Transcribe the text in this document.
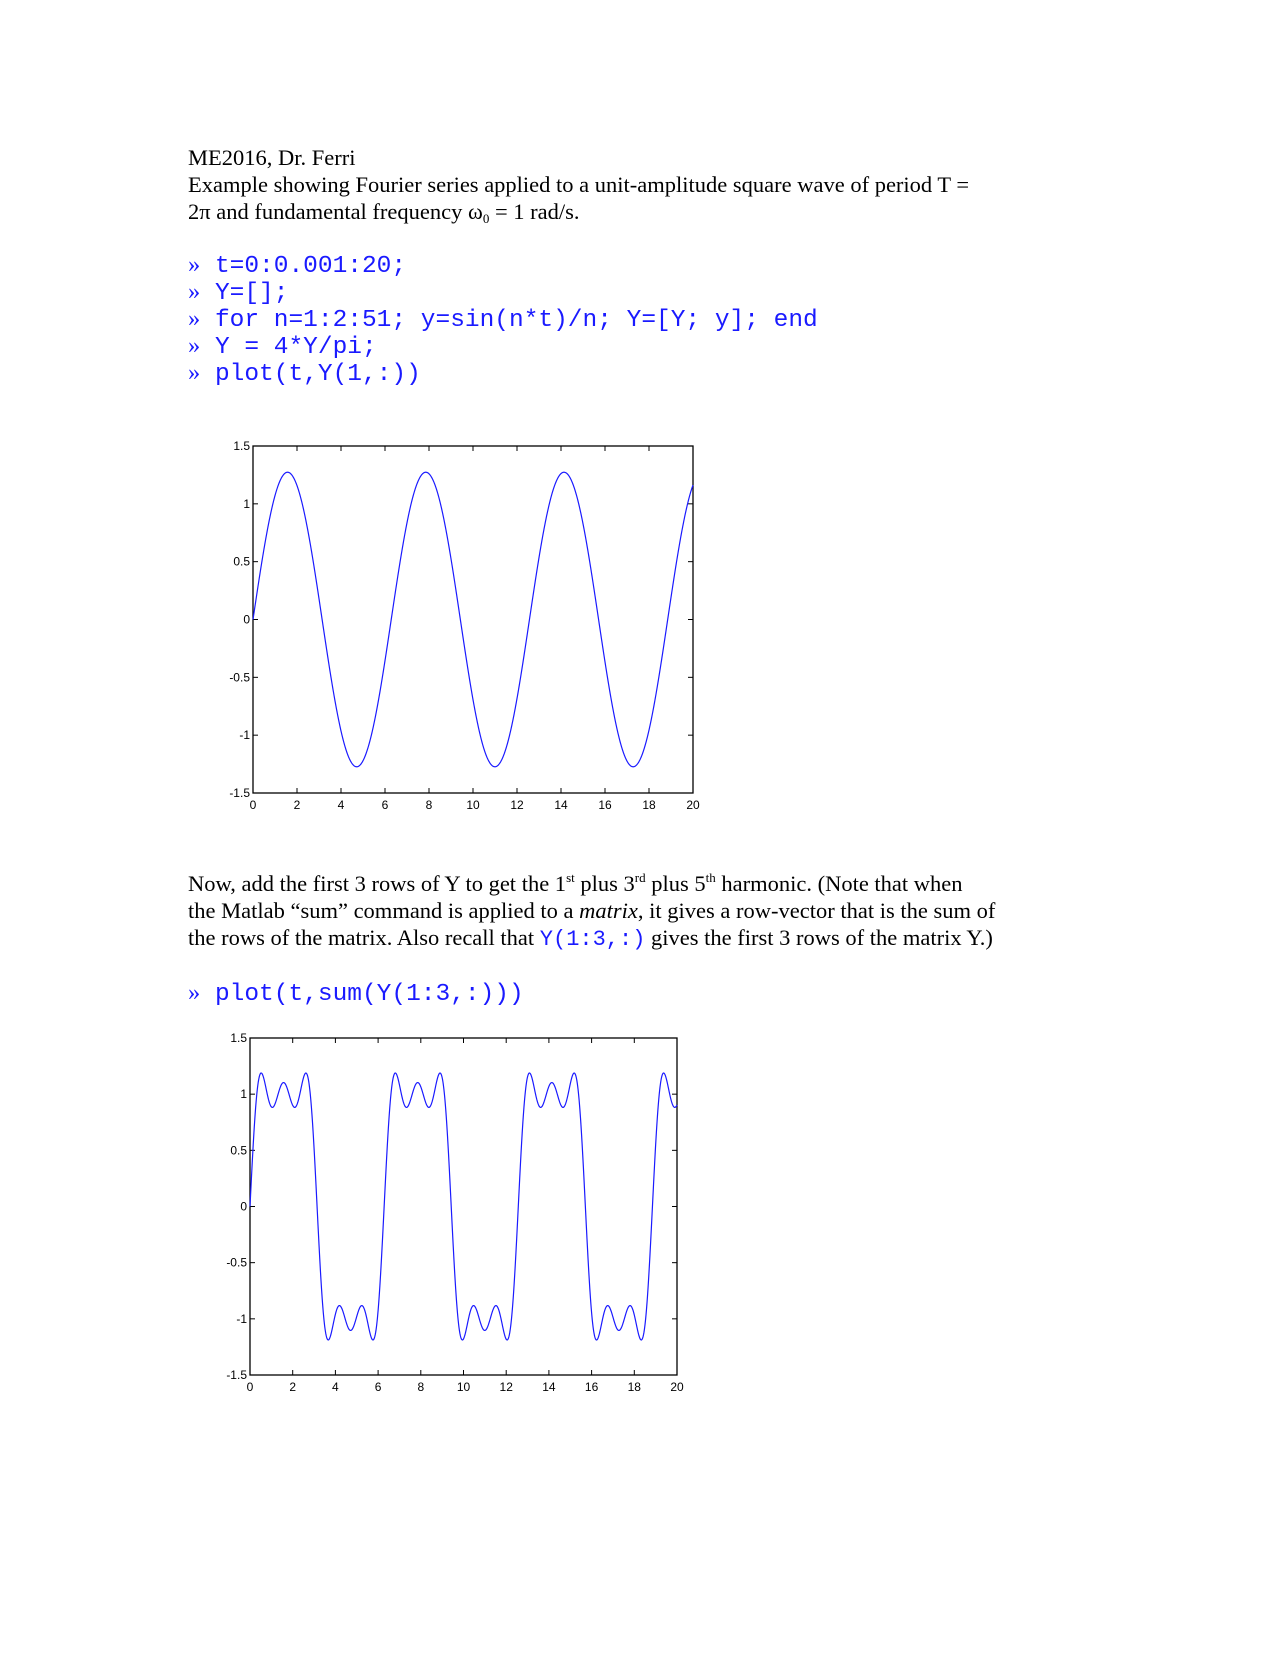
ME2016, Dr. Ferri
Example showing Fourier series applied to a unit-amplitude square wave of period T =
2π and fundamental frequency $\omega_0 = 1$ rad/s.
» t=0:0.001:20;
» Y=[];
» for n=1:2:51; y=sin(n*t)/n; Y=[Y; y]; end
» Y = 4*Y/pi;
» plot(t,Y(1,:))
0	2	4	6	8	10	12	14	16	18	20
1.5
1
0.5
0
-0.5
-1
-1.5
Now, add the first 3 rows of Y to get the 1st plus 3rd plus 5th harmonic. (Note that when
the Matlab “sum” command is applied to a matrix, it gives a row-vector that is the sum of
the rows of the matrix. Also recall that Y(1:3,:) gives the first 3 rows of the matrix Y.)
» plot(t,sum(Y(1:3,:)))
0	2	4	6	8	10 12 14 16 18 20
1.5
1
0.5
0
-0.5
-1
-1.5
